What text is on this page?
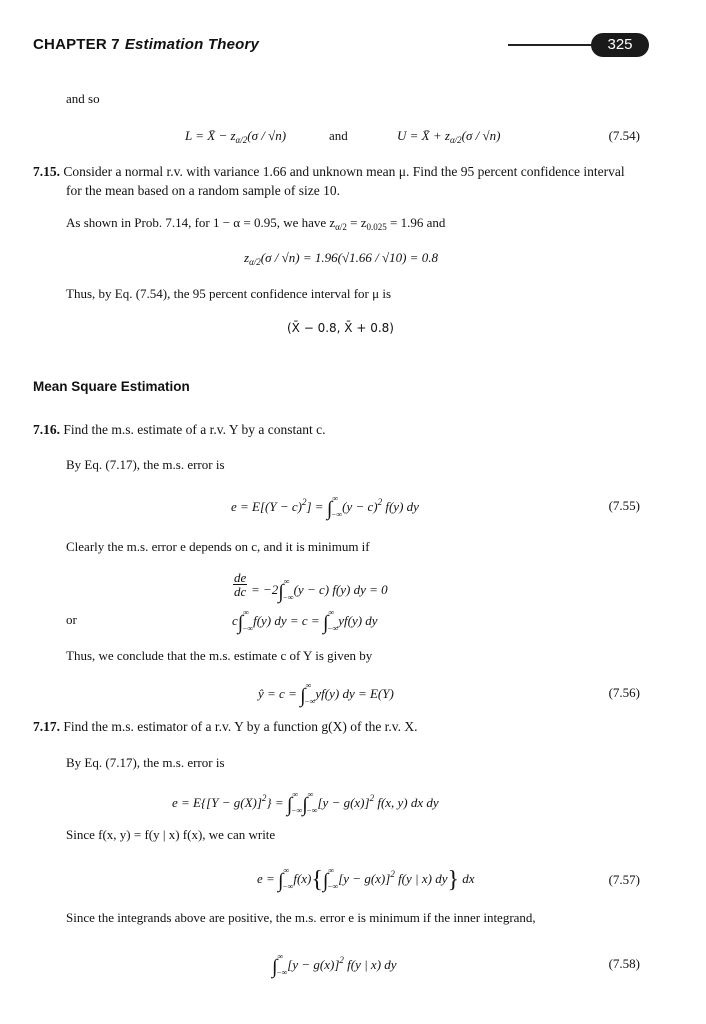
CHAPTER 7 Estimation Theory	325
and so
L = X̄ − $z_{\alpha/2}(\sigma / √n)$	and	U = X̄ + $z_{\alpha/2}(\sigma / √n)$	(7.54)
7.15. Consider a normal r.v. with variance 1.66 and unknown mean μ. Find the 95 percent confidence interval
for the mean based on a random sample of size 10.
As shown in Prob. 7.14, for 1 − α = 0.95, we have $z_{\alpha/2} = z_{0.025} = 1.96$ and
$z_{\alpha/2}(\sigma / √n) = 1.96(√1.66 / √10) = 0.8$
Thus, by Eq. (7.54), the 95 percent confidence interval for μ is
(X̄ − 0.8, X̄ + 0.8)
Mean Square Estimation
7.16. Find the m.s. estimate of a r.v. Y by a constant c.
By Eq. (7.17), the m.s. error is
$e = E[(Y - c)^2] = \int\infty-\infty(y - c)^2$ f(y) dy	(7.55)
Clearly the m.s. error e depends on c, and it is minimum if
de
dc = −2∫∞−∞(y − c) f(y) dy = 0
or	c∫∞−∞f(y) dy = c = ∫∞−∞yf(y) dy
Thus, we conclude that the m.s. estimate c of Y is given by
ŷ = c = ∫∞−∞yf(y) dy = E(Y)	(7.56)
7.17. Find the m.s. estimator of a r.v. Y by a function g(X) of the r.v. X.
By Eq. (7.17), the m.s. error is
$e = E\{[Y - g(X)]^2\} = \int\infty-\infty\int\infty-\infty[y - g(x)]^2$ f(x, y) dx dy
Since f(x, y) = f(y | x) f(x), we can write
$e = \int\infty-\infty f(x)\{\int\infty-\infty[y - g(x)]^2$ f(y | x) dy} dx	(7.57)
Since the integrands above are positive, the m.s. error e is minimum if the inner integrand,
$\int\infty-\infty[y - g(x)]^2$ f(y | x) dy	(7.58)
